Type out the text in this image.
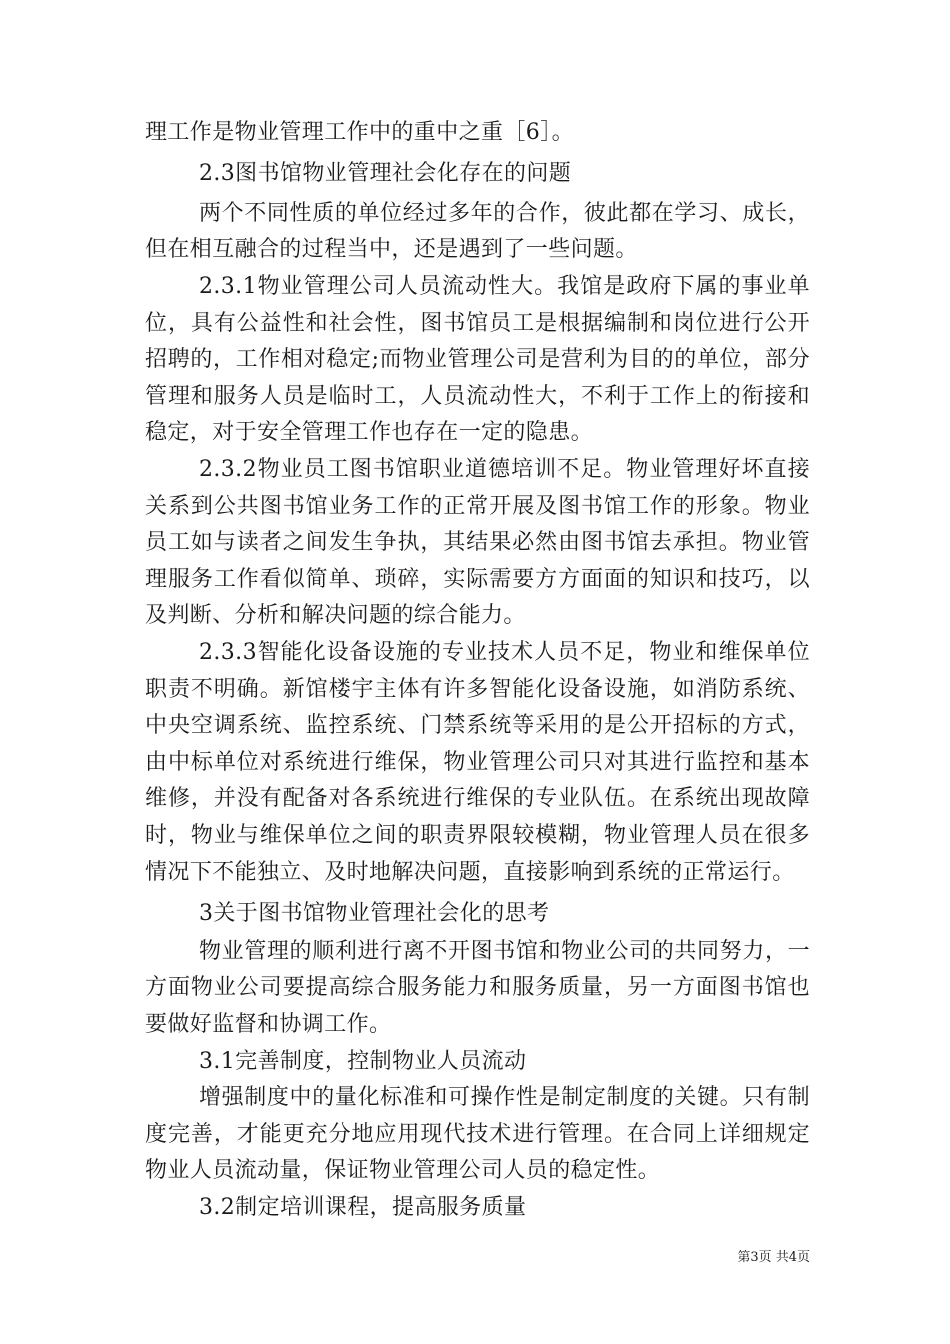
理工作是物业管理工作中的重中之重［6］。
2.3图书馆物业管理社会化存在的问题
两个不同性质的单位经过多年的合作，彼此都在学习、成长，
但在相互融合的过程当中，还是遇到了一些问题。
2.3.1物业管理公司人员流动性大。我馆是政府下属的事业单
位，具有公益性和社会性，图书馆员工是根据编制和岗位进行公开
招聘的，工作相对稳定;而物业管理公司是营利为目的的单位，部分
管理和服务人员是临时工，人员流动性大，不利于工作上的衔接和
稳定，对于安全管理工作也存在一定的隐患。
2.3.2物业员工图书馆职业道德培训不足。物业管理好坏直接
关系到公共图书馆业务工作的正常开展及图书馆工作的形象。物业
员工如与读者之间发生争执，其结果必然由图书馆去承担。物业管
理服务工作看似简单、琐碎，实际需要方方面面的知识和技巧，以
及判断、分析和解决问题的综合能力。
2.3.3智能化设备设施的专业技术人员不足，物业和维保单位
职责不明确。新馆楼宇主体有许多智能化设备设施，如消防系统、
中央空调系统、监控系统、门禁系统等采用的是公开招标的方式，
由中标单位对系统进行维保，物业管理公司只对其进行监控和基本
维修，并没有配备对各系统进行维保的专业队伍。在系统出现故障
时，物业与维保单位之间的职责界限较模糊，物业管理人员在很多
情况下不能独立、及时地解决问题，直接影响到系统的正常运行。
3关于图书馆物业管理社会化的思考
物业管理的顺利进行离不开图书馆和物业公司的共同努力，一
方面物业公司要提高综合服务能力和服务质量，另一方面图书馆也
要做好监督和协调工作。
3.1完善制度，控制物业人员流动
增强制度中的量化标准和可操作性是制定制度的关键。只有制
度完善，才能更充分地应用现代技术进行管理。在合同上详细规定
物业人员流动量，保证物业管理公司人员的稳定性。
3.2制定培训课程，提高服务质量
第3页 共4页
